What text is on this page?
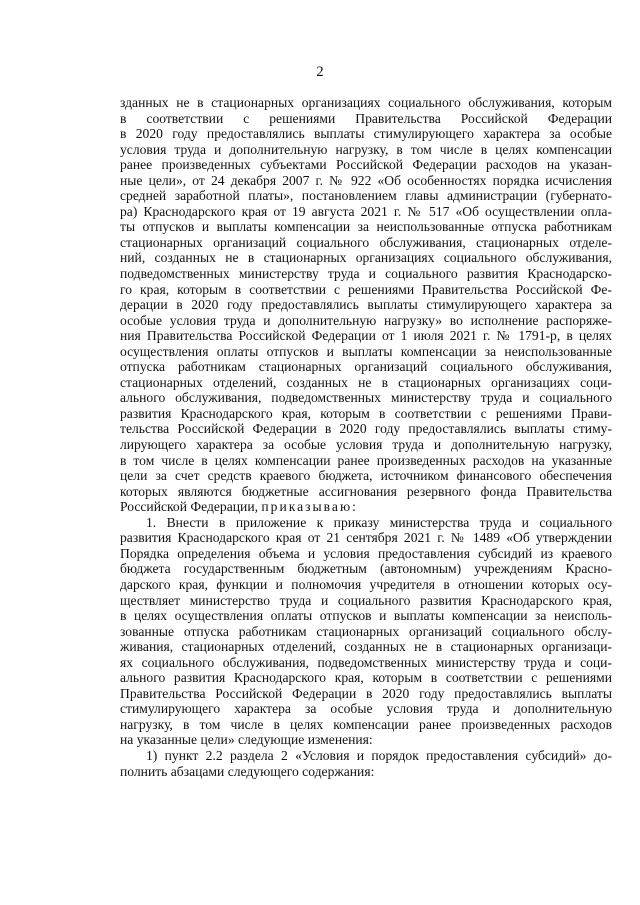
2
зданных не в стационарных организациях социального обслуживания, которым
в соответствии с решениями Правительства Российской Федерации
в 2020 году предоставлялись выплаты стимулирующего характера за особые
условия труда и дополнительную нагрузку, в том числе в целях компенсации
ранее произведенных субъектами Российской Федерации расходов на указан-
ные цели», от 24 декабря 2007 г. № 922 «Об особенностях порядка исчисления
средней заработной платы», постановлением главы администрации (губернато-
ра) Краснодарского края от 19 августа 2021 г. № 517 «Об осуществлении опла-
ты отпусков и выплаты компенсации за неиспользованные отпуска работникам
стационарных организаций социального обслуживания, стационарных отделе-
ний, созданных не в стационарных организациях социального обслуживания,
подведомственных министерству труда и социального развития Краснодарско-
го края, которым в соответствии с решениями Правительства Российской Фе-
дерации в 2020 году предоставлялись выплаты стимулирующего характера за
особые условия труда и дополнительную нагрузку» во исполнение распоряже-
ния Правительства Российской Федерации от 1 июля 2021 г. № 1791-р, в целях
осуществления оплаты отпусков и выплаты компенсации за неиспользованные
отпуска работникам стационарных организаций социального обслуживания,
стационарных отделений, созданных не в стационарных организациях соци-
ального обслуживания, подведомственных министерству труда и социального
развития Краснодарского края, которым в соответствии с решениями Прави-
тельства Российской Федерации в 2020 году предоставлялись выплаты стиму-
лирующего характера за особые условия труда и дополнительную нагрузку,
в том числе в целях компенсации ранее произведенных расходов на указанные
цели за счет средств краевого бюджета, источником финансового обеспечения
которых являются бюджетные ассигнования резервного фонда Правительства
Российской Федерации, приказываю:
1. Внести в приложение к приказу министерства труда и социального
развития Краснодарского края от 21 сентября 2021 г. № 1489 «Об утверждении
Порядка определения объема и условия предоставления субсидий из краевого
бюджета государственным бюджетным (автономным) учреждениям Красно-
дарского края, функции и полномочия учредителя в отношении которых осу-
ществляет министерство труда и социального развития Краснодарского края,
в целях осуществления оплаты отпусков и выплаты компенсации за неисполь-
зованные отпуска работникам стационарных организаций социального обслу-
живания, стационарных отделений, созданных не в стационарных организаци-
ях социального обслуживания, подведомственных министерству труда и соци-
ального развития Краснодарского края, которым в соответствии с решениями
Правительства Российской Федерации в 2020 году предоставлялись выплаты
стимулирующего характера за особые условия труда и дополнительную
нагрузку, в том числе в целях компенсации ранее произведенных расходов
на указанные цели» следующие изменения:
1) пункт 2.2 раздела 2 «Условия и порядок предоставления субсидий» до-
полнить абзацами следующего содержания:
